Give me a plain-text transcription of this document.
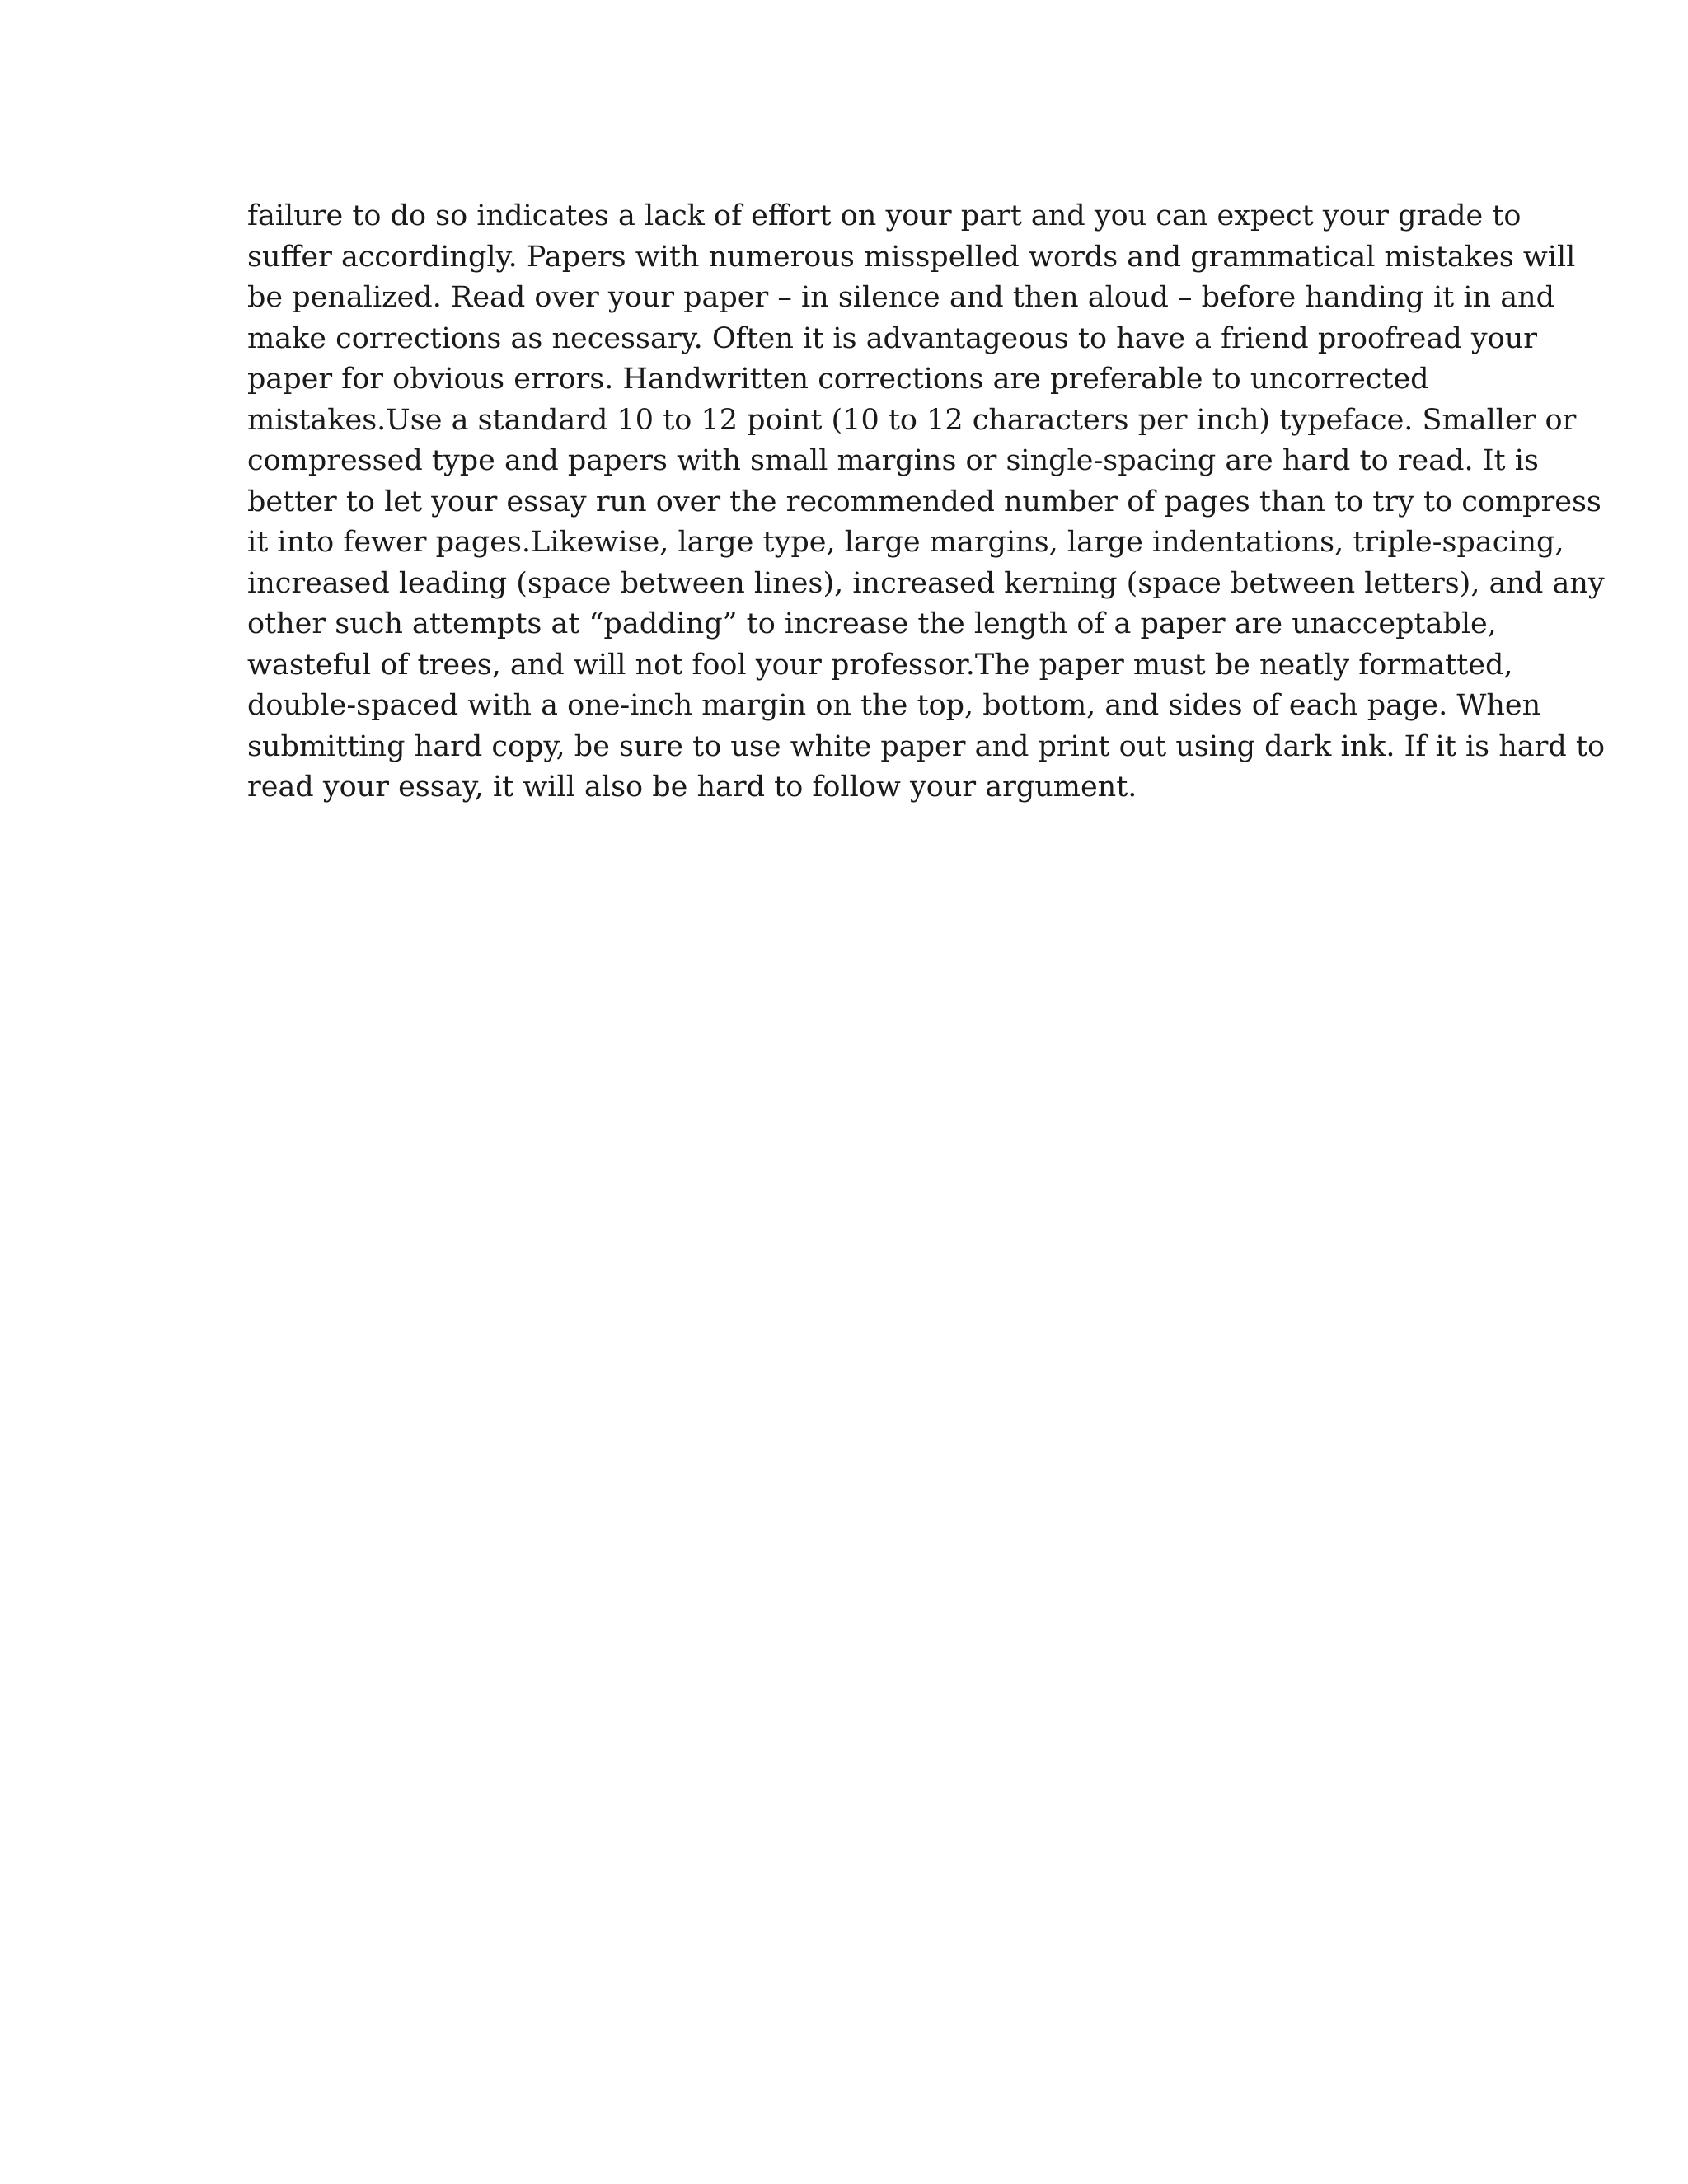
failure to do so indicates a lack of effort on your part and you can expect your grade to
suffer accordingly. Papers with numerous misspelled words and grammatical mistakes will
be penalized. Read over your paper – in silence and then aloud – before handing it in and
make corrections as necessary. Often it is advantageous to have a friend proofread your
paper for obvious errors. Handwritten corrections are preferable to uncorrected
mistakes.Use a standard 10 to 12 point (10 to 12 characters per inch) typeface. Smaller or
compressed type and papers with small margins or single-spacing are hard to read. It is
better to let your essay run over the recommended number of pages than to try to compress
it into fewer pages.Likewise, large type, large margins, large indentations, triple-spacing,
increased leading (space between lines), increased kerning (space between letters), and any
other such attempts at “padding” to increase the length of a paper are unacceptable,
wasteful of trees, and will not fool your professor.The paper must be neatly formatted,
double-spaced with a one-inch margin on the top, bottom, and sides of each page. When
submitting hard copy, be sure to use white paper and print out using dark ink. If it is hard to
read your essay, it will also be hard to follow your argument.
